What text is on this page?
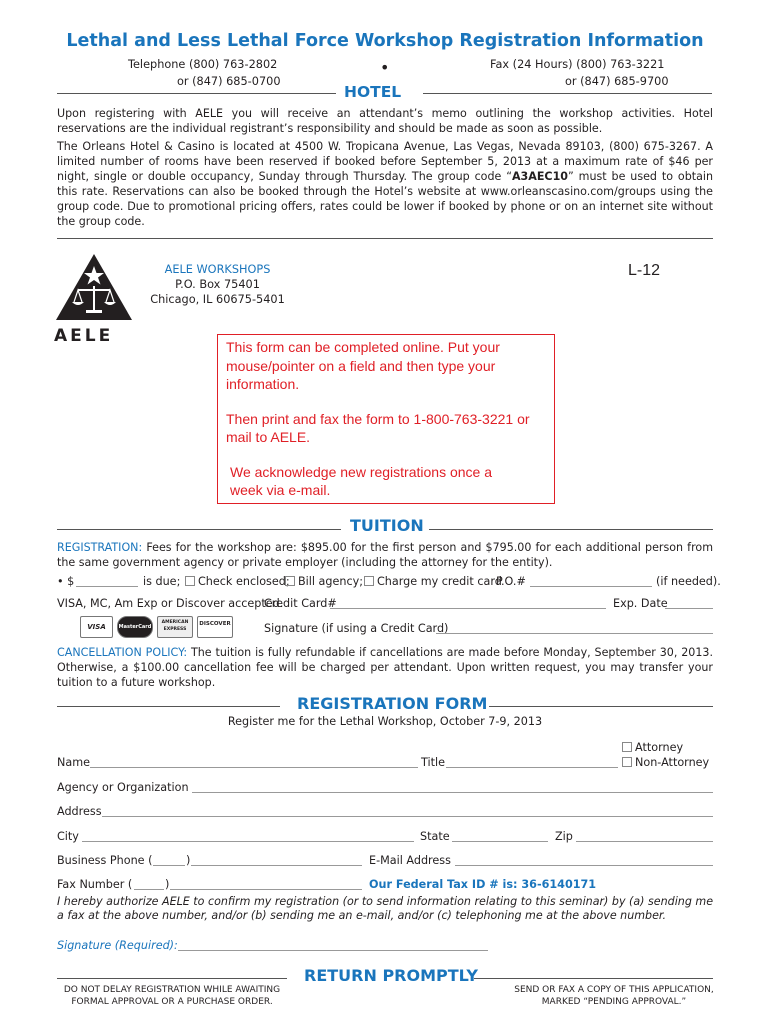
Lethal and Less Lethal Force Workshop Registration Information
Telephone (800) 763-2802
or (847) 685-0700
Fax (24 Hours) (800) 763-3221
or (847) 685-9700
•
HOTEL
Upon registering with AELE you will receive an attendant’s memo outlining the workshop activities. Hotel reservations are the individual registrant’s responsibility and should be made as soon as possible.
The Orleans Hotel & Casino is located at 4500 W. Tropicana Avenue, Las Vegas, Nevada 89103, (800) 675-3267. A limited number of rooms have been reserved if booked before September 5, 2013 at a maximum rate of $46 per night, single or double occupancy, Sunday through Thursday. The group code “A3AEC10” must be used to obtain this rate. Reservations can also be booked through the Hotel’s website at www.orleanscasino.com/groups using the group code. Due to promotional pricing offers, rates could be lower if booked by phone or on an internet site without the group code.
AELE
AELE WORKSHOPS
P.O. Box 75401
Chicago, IL 60675-5401
L-12
This form can be completed online. Put your mouse/pointer on a field and then type your information.
Then print and fax the form to 1-800-763-3221 or mail to AELE.
We acknowledge new registrations once a week via e-mail.
TUITION
REGISTRATION: Fees for the workshop are: $895.00 for the first person and $795.00 for each additional person from the same government agency or private employer (including the attorney for the entity).
• $	is due;	Check enclosed; Bill agency;	Charge my credit card
P.O.#	(if needed).
VISA, MC, Am Exp or Discover accepted.
Credit Card#	Exp. Date
VISA	MasterCard
AMERICAN EXPRESS
DISCOVER	Signature (if using a Credit Card)
CANCELLATION POLICY: The tuition is fully refundable if cancellations are made before Monday, September 30, 2013. Otherwise, a $100.00 cancellation fee will be charged per attendant. Upon written request, you may transfer your tuition to a future workshop.
REGISTRATION FORM
Register me for the Lethal Workshop, October 7-9, 2013
Attorney
Non-Attorney
Name	Title
Agency or Organization
Address
City	State	Zip
Business Phone (	)	E-Mail Address
Fax Number (	)	Our Federal Tax ID # is: 36-6140171
I hereby authorize AELE to confirm my registration (or to send information relating to this seminar) by (a) sending me a fax at the above number, and/or (b) sending me an e-mail, and/or (c) telephoning me at the above number.
Signature (Required):
RETURN PROMPTLY
DO NOT DELAY REGISTRATION WHILE AWAITING
FORMAL APPROVAL OR A PURCHASE ORDER.
SEND OR FAX A COPY OF THIS APPLICATION,
MARKED “PENDING APPROVAL.”
